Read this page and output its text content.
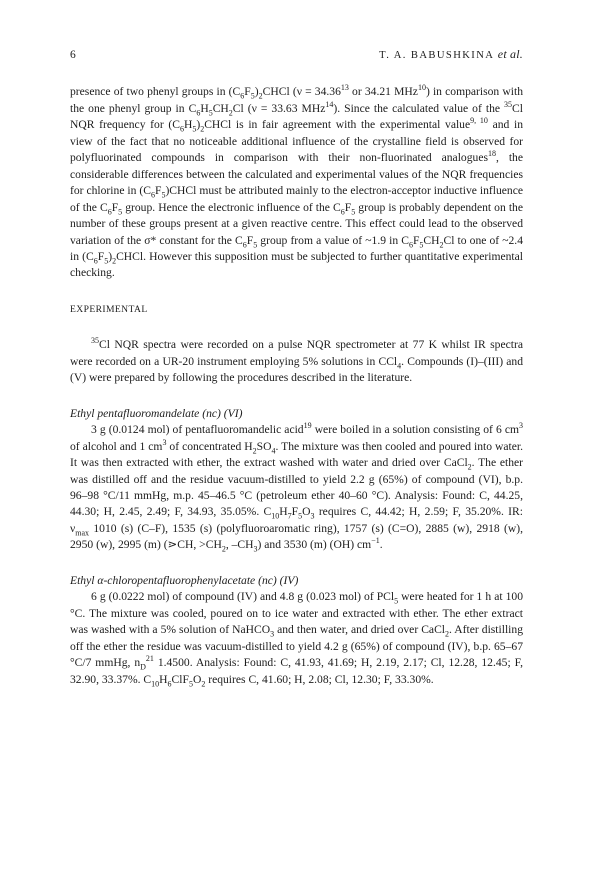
6	T. A. BABUSHKINA et al.

presence of two phenyl groups in $(C_6F_5)_2CHCl$ ($\nu = 34.36^{13}$ or 34.21 MHz$^{10}$) in comparison with the one phenyl group in $C_6H_5CH_2Cl$ (ν = 33.63 MHz$^{14}$). Since the calculated value of the $^{35}$Cl NQR frequency for $(C_6H_5)_2CHCl$ is in fair agreement with the experimental value$^{9, 10}$ and in view of the fact that no noticeable additional influence of the crystalline field is observed for polyfluorinated compounds in comparison with their non-fluorinated analogues$^{18}$, the considerable differences between the calculated and experimental values of the NQR frequencies for chlorine in $(C_6F_5)CHCl$ must be attributed mainly to the electron-acceptor inductive influence of the $C_6F_5$ group. Hence the electronic influence of the $C_6F_5$ group is probably dependent on the number of these groups present at a given reactive centre. This effect could lead to the observed variation of the σ* constant for the $C_6F_5$ group from a value of ~1.9 in $C_6F_5CH_2Cl$ to one of ~2.4 in $(C_6F_5)_2CHCl$. However this supposition must be subjected to further quantitative experimental checking.

EXPERIMENTAL

$^{35}$Cl NQR spectra were recorded on a pulse NQR spectrometer at 77 K whilst IR spectra were recorded on a UR-20 instrument employing 5% solutions in CCl$_4$. Compounds (I)–(III) and (V) were prepared by following the procedures described in the literature.

Ethyl pentafluoromandelate (nc) (VI)

3 g (0.0124 mol) of pentafluoromandelic acid$^{19}$ were boiled in a solution consisting of 6 $cm^3$ of alcohol and 1 $cm^3$ of concentrated $H_2SO_4$. The mixture was then cooled and poured into water. It was then extracted with ether, the extract washed with water and dried over CaCl$_2$. The ether was distilled off and the residue vacuum-distilled to yield 2.2 g (65%) of compound (VI), b.p. 96–98 °C/11 mmHg, m.p. 45–46.5 °C (petroleum ether 40–60 °C). Analysis: Found: C, 44.25, 44.30; H, 2.45, 2.49; F, 34.93, 35.05%. $C_{10}H_7F_5O_3$ requires C, 44.42; H, 2.59; F, 35.20%. IR: $\nu_{max}$ 1010 (s) (C–F), 1535 (s) (polyfluoroaromatic ring), 1757 (s) (C=O), 2885 (w), 2918 (w), 2950 (w), 2995 (m) (⋗CH, $>CH_2$, $-CH_3$) and 3530 (m) (OH) $cm^{-1}$.

Ethyl α-chloropentafluorophenylacetate (nc) (IV)

6 g (0.0222 mol) of compound (IV) and 4.8 g (0.023 mol) of PCl$_5$ were heated for 1 h at 100 °C. The mixture was cooled, poured on to ice water and extracted with ether. The ether extract was washed with a 5% solution of NaHCO$_3$ and then water, and dried over CaCl$_2$. After distilling off the ether the residue was vacuum-distilled to yield 4.2 g (65%) of compound (IV), b.p. 65–67 °C/7 mmHg, $n_D^{21}$ 1.4500. Analysis: Found: C, 41.93, 41.69; H, 2.19, 2.17; Cl, 12.28, 12.45; F, 32.90, 33.37%. $C_{10}H_6ClF_5O_2$ requires C, 41.60; H, 2.08; Cl, 12.30; F, 33.30%.
